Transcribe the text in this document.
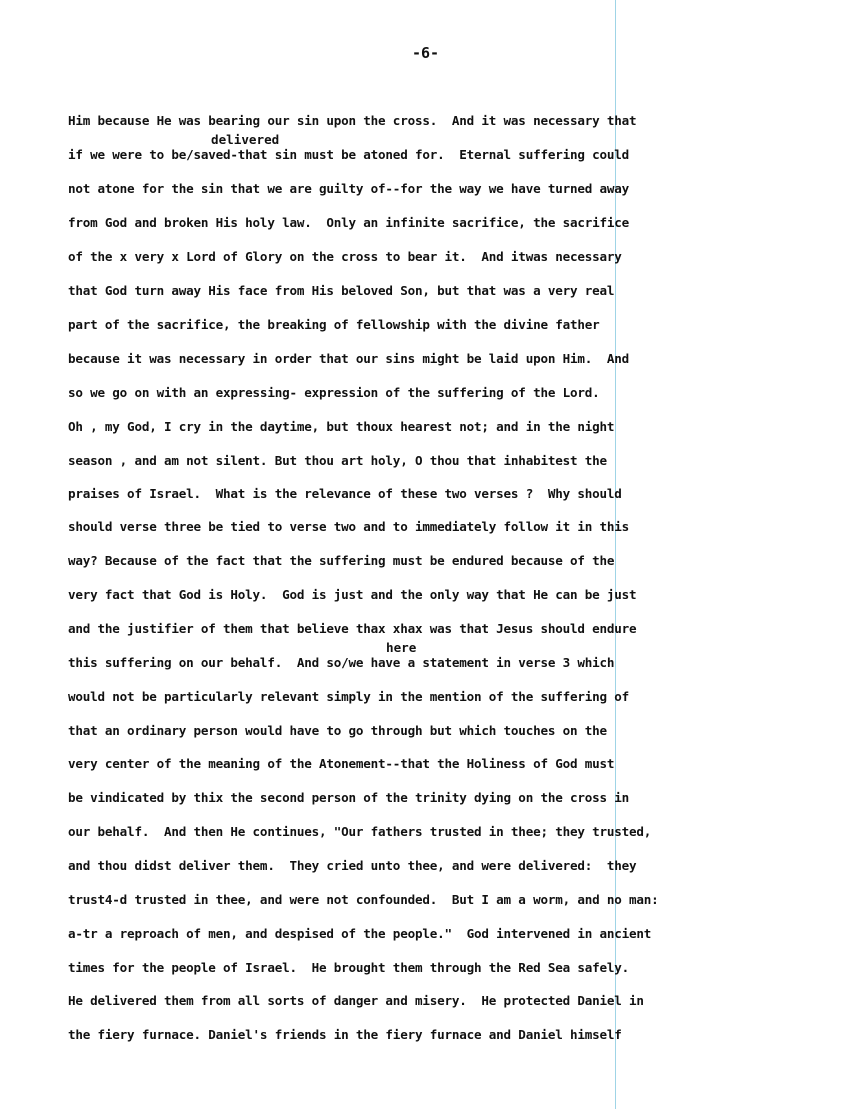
-6-
delivered
here
Him because He was bearing our sin upon the cross.  And it was necessary that
if we were to be/saved-that sin must be atoned for.  Eternal suffering could
not atone for the sin that we are guilty of--for the way we have turned away
from God and broken His holy law.  Only an infinite sacrifice, the sacrifice
of the x very x Lord of Glory on the cross to bear it.  And itwas necessary
that God turn away His face from His beloved Son, but that was a very real
part of the sacrifice, the breaking of fellowship with the divine father
because it was necessary in order that our sins might be laid upon Him.  And
so we go on with an expressing- expression of the suffering of the Lord.
Oh , my God, I cry in the daytime, but thoux hearest not; and in the night
season , and am not silent. But thou art holy, O thou that inhabitest the
praises of Israel.  What is the relevance of these two verses ?  Why should
should verse three be tied to verse two and to immediately follow it in this
way? Because of the fact that the suffering must be endured because of the
very fact that God is Holy.  God is just and the only way that He can be just
and the justifier of them that believe thax xhax was that Jesus should endure
this suffering on our behalf.  And so/we have a statement in verse 3 which
would not be particularly relevant simply in the mention of the suffering of
that an ordinary person would have to go through but which touches on the
very center of the meaning of the Atonement--that the Holiness of God must
be vindicated by thix the second person of the trinity dying on the cross in
our behalf.  And then He continues, "Our fathers trusted in thee; they trusted,
and thou didst deliver them.  They cried unto thee, and were delivered:  they
trust4-d trusted in thee, and were not confounded.  But I am a worm, and no man:
a-tr a reproach of men, and despised of the people."  God intervened in ancient
times for the people of Israel.  He brought them through the Red Sea safely.
He delivered them from all sorts of danger and misery.  He protected Daniel in
the fiery furnace. Daniel's friends in the fiery furnace and Daniel himself
